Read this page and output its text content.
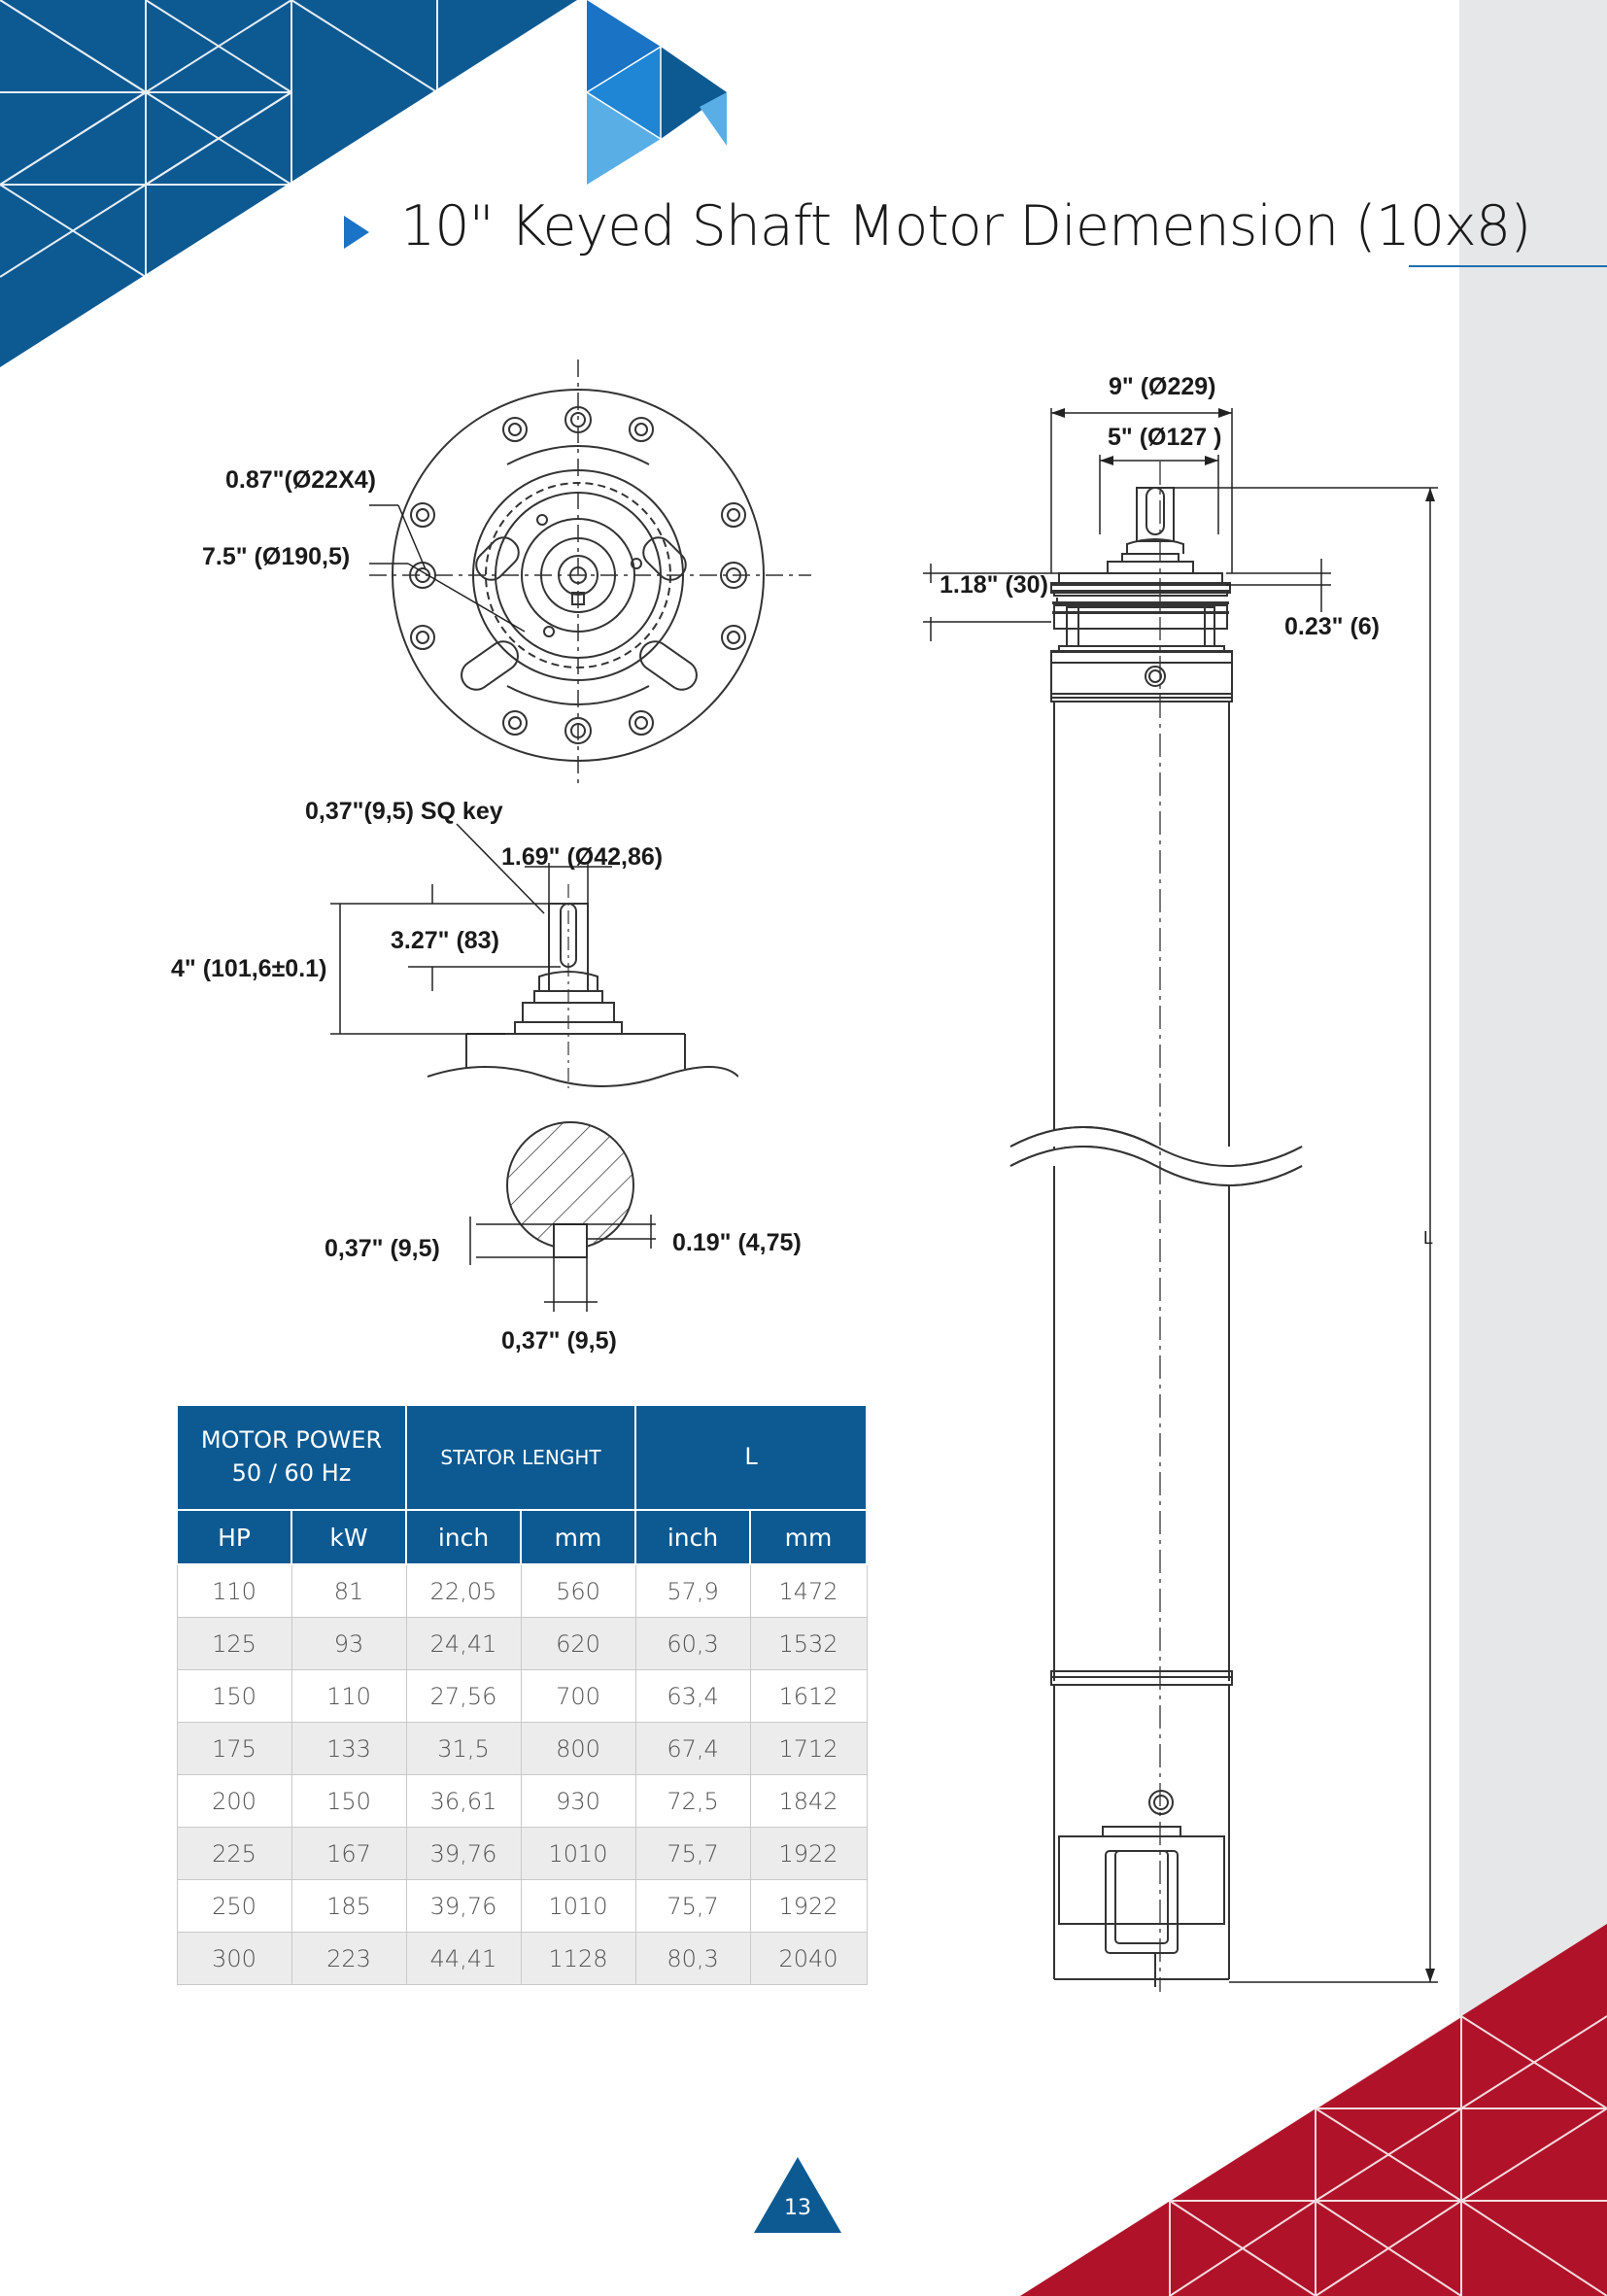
10" Keyed Shaft Motor Diemension (10x8)
0.87"(Ø22X4)
7.5" (Ø190,5)
0,37"(9,5) SQ key
1.69" (Ø42,86)
3.27" (83)
4" (101,6±0.1)
0,37" (9,5)	0.19" (4,75)
0,37" (9,5)
9" (Ø229)
5" (Ø127 )
1.18" (30)
0.23" (6)
L
MOTOR POWER
50 / 60 Hz		STATOR LENGHT		L	
HP	kW	inch	mm	inch	mm
110	81	22,05	560	57,9	1472
125	93	24,41	620	60,3	1532
150	110	27,56	700	63,4	1612
175	133	31,5	800	67,4	1712
200	150	36,61	930	72,5	1842
225	167	39,76	1010	75,7	1922
250	185	39,76	1010	75,7	1922
300	223	44,41	1128	80,3	2040
13
